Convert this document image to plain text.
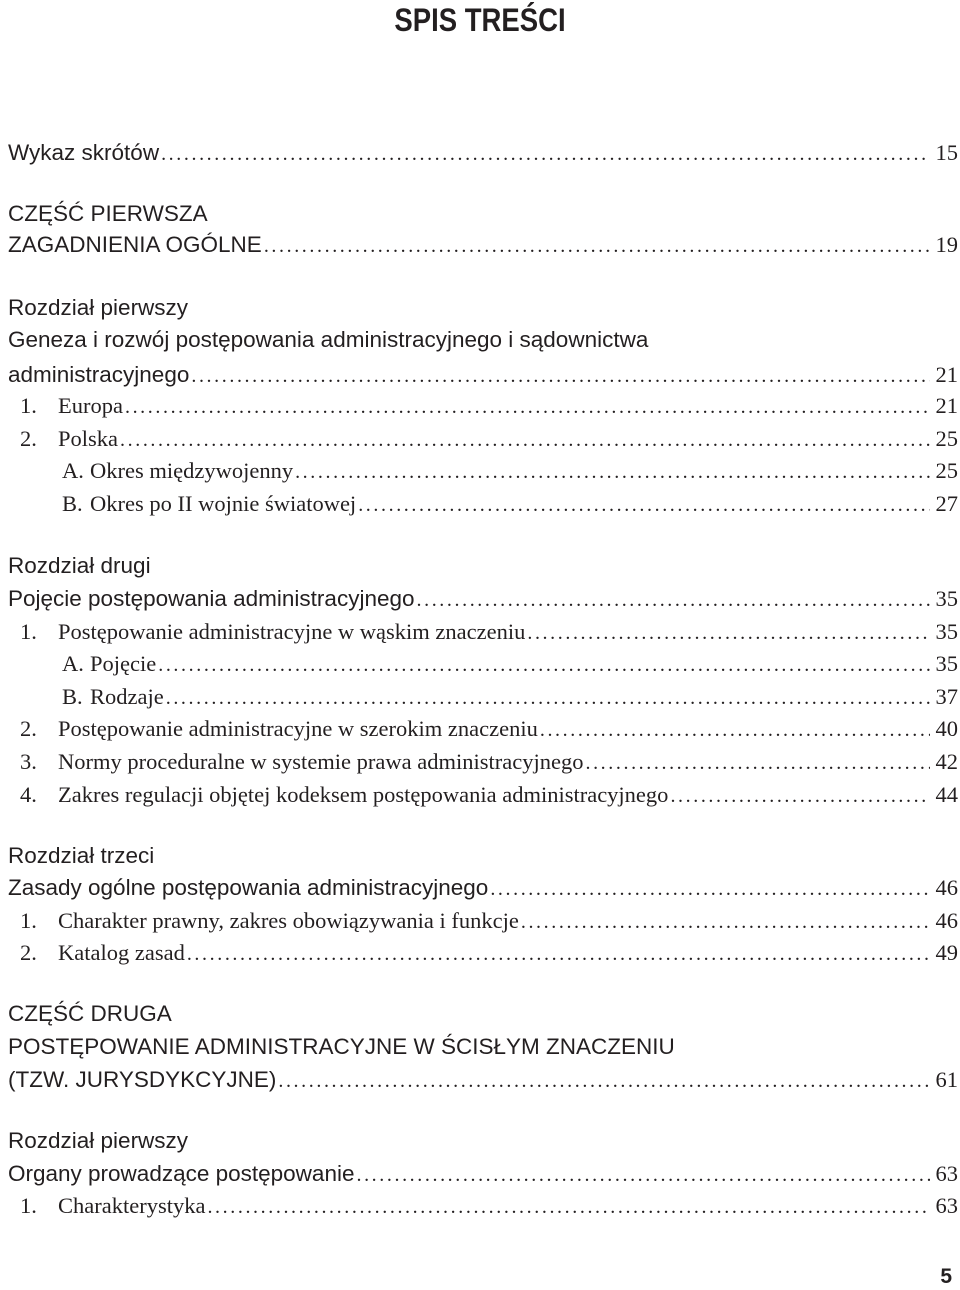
SPIS TREŚCI
Wykaz skrótów .....	15
CZĘŚĆ PIERWSZA
ZAGADNIENIA OGÓLNE .....	19
Rozdział pierwszy
Geneza i rozwój postępowania administracyjnego i sądownictwa
administracyjnego .....	21
1. Europa .....	21
2. Polska .....	25
A. Okres międzywojenny .....	25
B. Okres po II wojnie światowej .....	27
Rozdział drugi
Pojęcie postępowania administracyjnego .....	35
1. Postępowanie administracyjne w wąskim znaczeniu .....	35
A. Pojęcie .....	35
B. Rodzaje .....	37
2. Postępowanie administracyjne w szerokim znaczeniu .....	40
3. Normy proceduralne w systemie prawa administracyjnego .....	42
4. Zakres regulacji objętej kodeksem postępowania administracyjnego .....	44
Rozdział trzeci
Zasady ogólne postępowania administracyjnego .....	46
1. Charakter prawny, zakres obowiązywania i funkcje .....	46
2. Katalog zasad .....	49
CZĘŚĆ DRUGA
POSTĘPOWANIE ADMINISTRACYJNE W ŚCISŁYM ZNACZENIU
(TZW. JURYSDYKCYJNE) .....	61
Rozdział pierwszy
Organy prowadzące postępowanie .....	63
1. Charakterystyka .....	63
5
